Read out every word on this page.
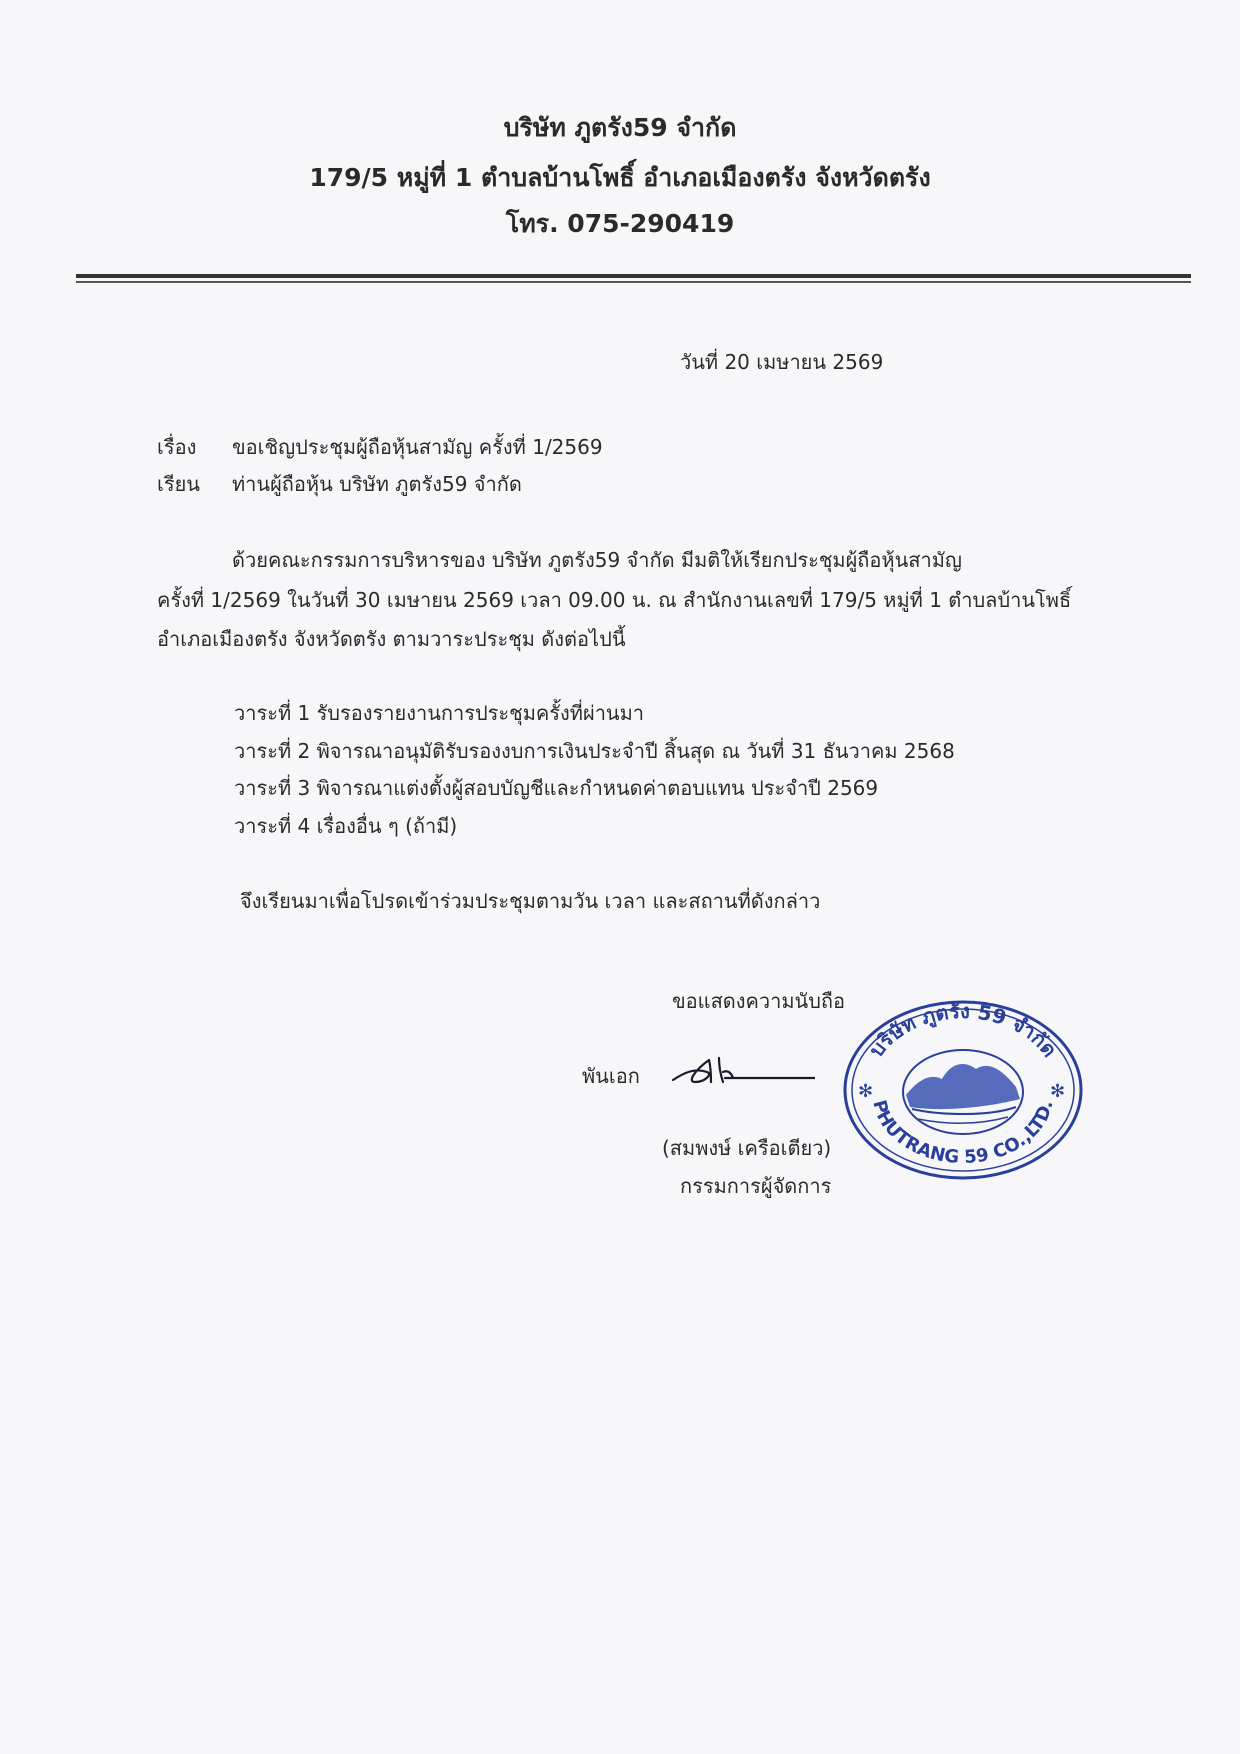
บริษัท ภูตรัง59 จำกัด
179/5 หมู่ที่ 1 ตำบลบ้านโพธิ์ อำเภอเมืองตรัง จังหวัดตรัง
โทร. 075-290419
วันที่ 20 เมษายน 2569
เรื่อง ขอเชิญประชุมผู้ถือหุ้นสามัญ ครั้งที่ 1/2569
เรียน ท่านผู้ถือหุ้น บริษัท ภูตรัง59 จำกัด
ด้วยคณะกรรมการบริหารของ บริษัท ภูตรัง59 จำกัด มีมติให้เรียกประชุมผู้ถือหุ้นสามัญ
ครั้งที่ 1/2569 ในวันที่ 30 เมษายน 2569 เวลา 09.00 น. ณ สำนักงานเลขที่ 179/5 หมู่ที่ 1 ตำบลบ้านโพธิ์
อำเภอเมืองตรัง จังหวัดตรัง ตามวาระประชุม ดังต่อไปนี้
วาระที่ 1 รับรองรายงานการประชุมครั้งที่ผ่านมา
วาระที่ 2 พิจารณาอนุมัติรับรองงบการเงินประจำปี สิ้นสุด ณ วันที่ 31 ธันวาคม 2568
วาระที่ 3 พิจารณาแต่งตั้งผู้สอบบัญชีและกำหนดค่าตอบแทน ประจำปี 2569
วาระที่ 4 เรื่องอื่น ๆ (ถ้ามี)
จึงเรียนมาเพื่อโปรดเข้าร่วมประชุมตามวัน เวลา และสถานที่ดังกล่าว
ขอแสดงความนับถือ
พันเอก
(สมพงษ์ เครือเตียว)
กรรมการผู้จัดการ
บริษัท ภูตรัง 59 จำกัด
PHUTRANG 59 CO.,LTD.
✻	✻
